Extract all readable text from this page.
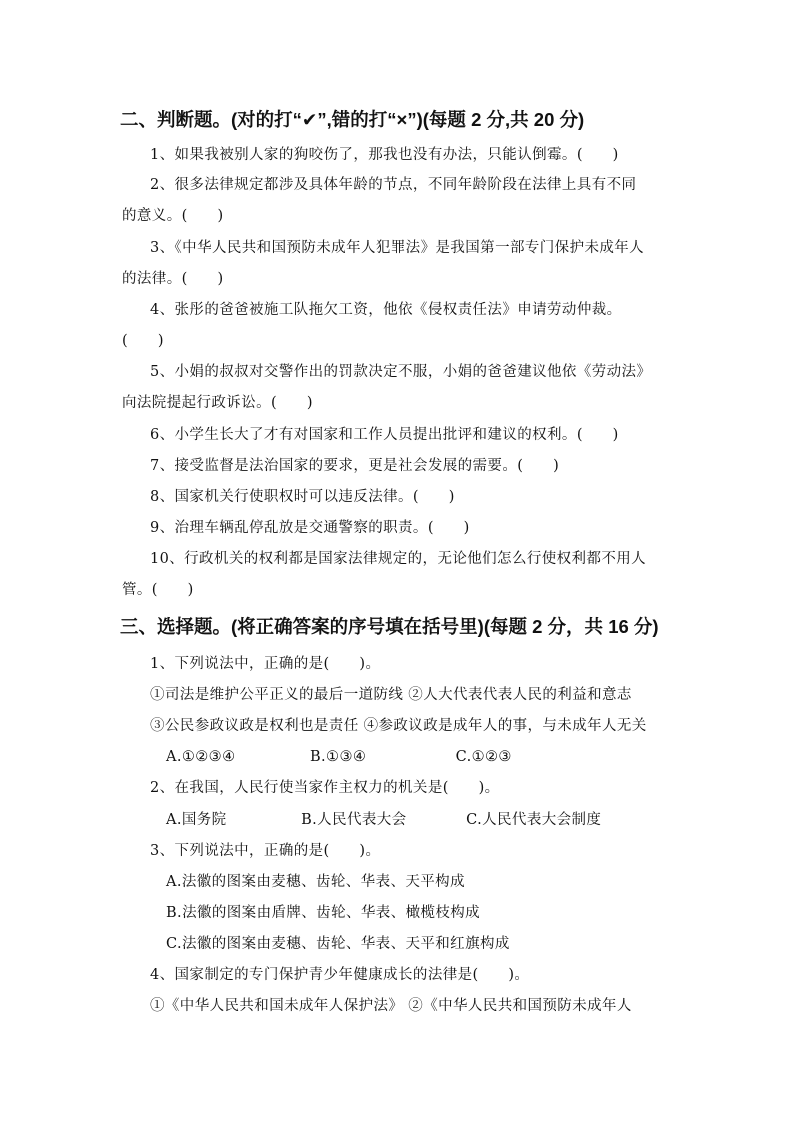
二、判断题。(对的打“✔”,错的打“×”)(每题 2 分,共 20 分)
1、如果我被别人家的狗咬伤了，那我也没有办法，只能认倒霉。(　　)
2、很多法律规定都涉及具体年龄的节点，不同年龄阶段在法律上具有不同
的意义。(　　)
3、《中华人民共和国预防未成年人犯罪法》是我国第一部专门保护未成年人
的法律。(　　)
4、张彤的爸爸被施工队拖欠工资，他依《侵权责任法》申请劳动仲裁。
(　　)
5、小娟的叔叔对交警作出的罚款决定不服，小娟的爸爸建议他依《劳动法》
向法院提起行政诉讼。(　　)
6、小学生长大了才有对国家和工作人员提出批评和建议的权利。(　　)
7、接受监督是法治国家的要求，更是社会发展的需要。(　　)
8、国家机关行使职权时可以违反法律。(　　)
9、治理车辆乱停乱放是交通警察的职责。(　　)
10、行政机关的权利都是国家法律规定的，无论他们怎么行使权利都不用人
管。(　　)
三、选择题。(将正确答案的序号填在括号里)(每题 2 分，共 16 分)
1、下列说法中，正确的是(　　)。
①司法是维护公平正义的最后一道防线 ②人大代表代表人民的利益和意志
③公民参政议政是权利也是责任 ④参政议政是成年人的事，与未成年人无关
A.①②③④　　　　　B.①③④　　　　　　C.①②③
2、在我国，人民行使当家作主权力的机关是(　　)。
A.国务院　　　　　B.人民代表大会　　　　C.人民代表大会制度
3、下列说法中，正确的是(　　)。
A.法徽的图案由麦穗、齿轮、华表、天平构成
B.法徽的图案由盾牌、齿轮、华表、橄榄枝构成
C.法徽的图案由麦穗、齿轮、华表、天平和红旗构成
4、国家制定的专门保护青少年健康成长的法律是(　　)。
①《中华人民共和国未成年人保护法》 ②《中华人民共和国预防未成年人
